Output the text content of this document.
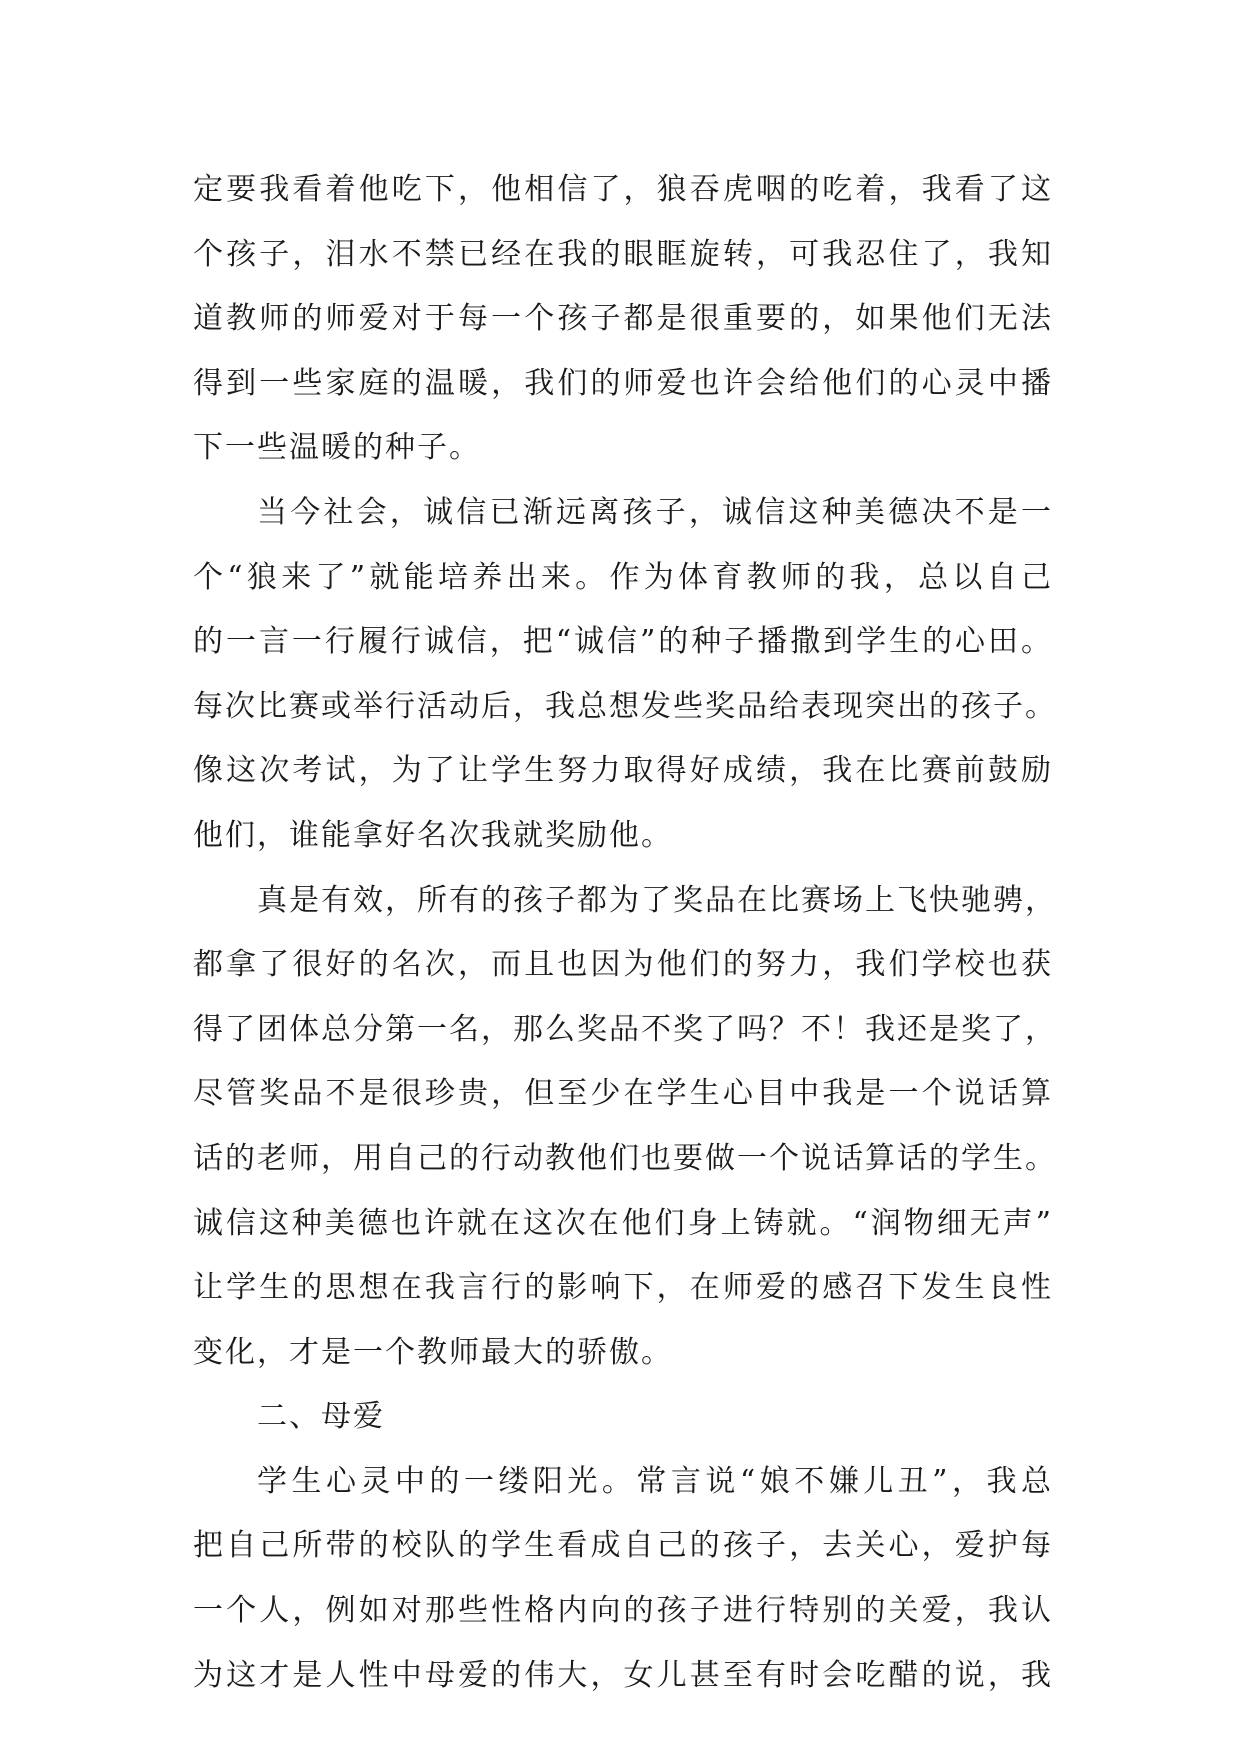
定要我看着他吃下，他相信了，狼吞虎咽的吃着，我看了这
个孩子，泪水不禁已经在我的眼眶旋转，可我忍住了，我知
道教师的师爱对于每一个孩子都是很重要的，如果他们无法
得到一些家庭的温暖，我们的师爱也许会给他们的心灵中播
下一些温暖的种子。
当今社会，诚信已渐远离孩子，诚信这种美德决不是一
个“狼来了”就能培养出来。作为体育教师的我，总以自己
的一言一行履行诚信，把“诚信”的种子播撒到学生的心田。
每次比赛或举行活动后，我总想发些奖品给表现突出的孩子。
像这次考试，为了让学生努力取得好成绩，我在比赛前鼓励
他们，谁能拿好名次我就奖励他。
真是有效，所有的孩子都为了奖品在比赛场上飞快驰骋，
都拿了很好的名次，而且也因为他们的努力，我们学校也获
得了团体总分第一名，那么奖品不奖了吗？不！我还是奖了，
尽管奖品不是很珍贵，但至少在学生心目中我是一个说话算
话的老师，用自己的行动教他们也要做一个说话算话的学生。
诚信这种美德也许就在这次在他们身上铸就。“润物细无声”
让学生的思想在我言行的影响下，在师爱的感召下发生良性
变化，才是一个教师最大的骄傲。
二、母爱
学生心灵中的一缕阳光。常言说“娘不嫌儿丑”，我总
把自己所带的校队的学生看成自己的孩子，去关心，爱护每
一个人，例如对那些性格内向的孩子进行特别的关爱，我认
为这才是人性中母爱的伟大，女儿甚至有时会吃醋的说，我
